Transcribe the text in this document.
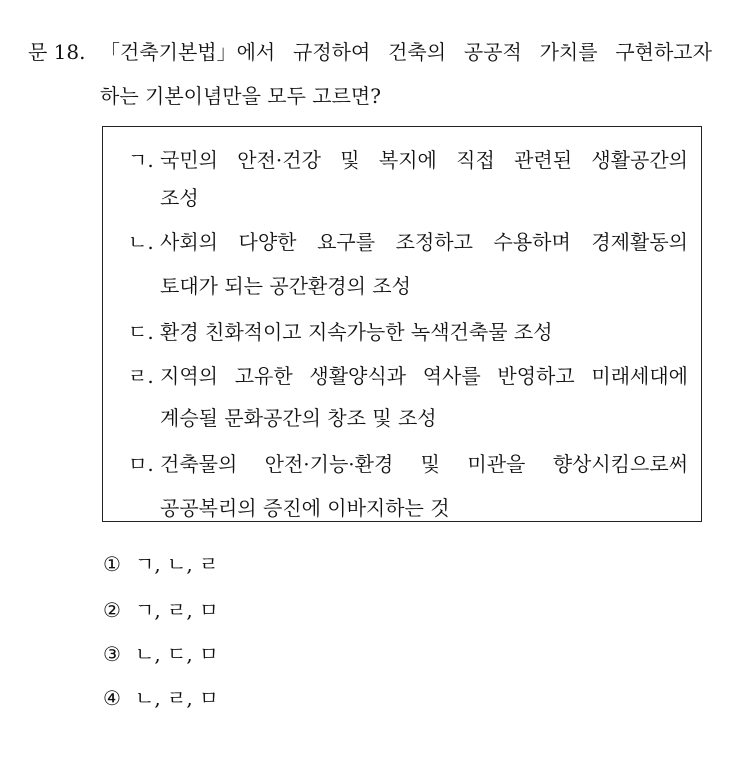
문 18. 「건축기본법」에서 규정하여 건축의 공공적 가치를 구현하고자
하는 기본이념만을 모두 고르면?
ㄱ. 국민의 안전·건강 및 복지에 직접 관련된 생활공간의
조성
ㄴ. 사회의 다양한 요구를 조정하고 수용하며 경제활동의
토대가 되는 공간환경의 조성
ㄷ. 환경 친화적이고 지속가능한 녹색건축물 조성
ㄹ. 지역의 고유한 생활양식과 역사를 반영하고 미래세대에
계승될 문화공간의 창조 및 조성
ㅁ. 건축물의 안전·기능·환경 및 미관을 향상시킴으로써
공공복리의 증진에 이바지하는 것
① ㄱ, ㄴ, ㄹ
② ㄱ, ㄹ, ㅁ
③ ㄴ, ㄷ, ㅁ
④ ㄴ, ㄹ, ㅁ
